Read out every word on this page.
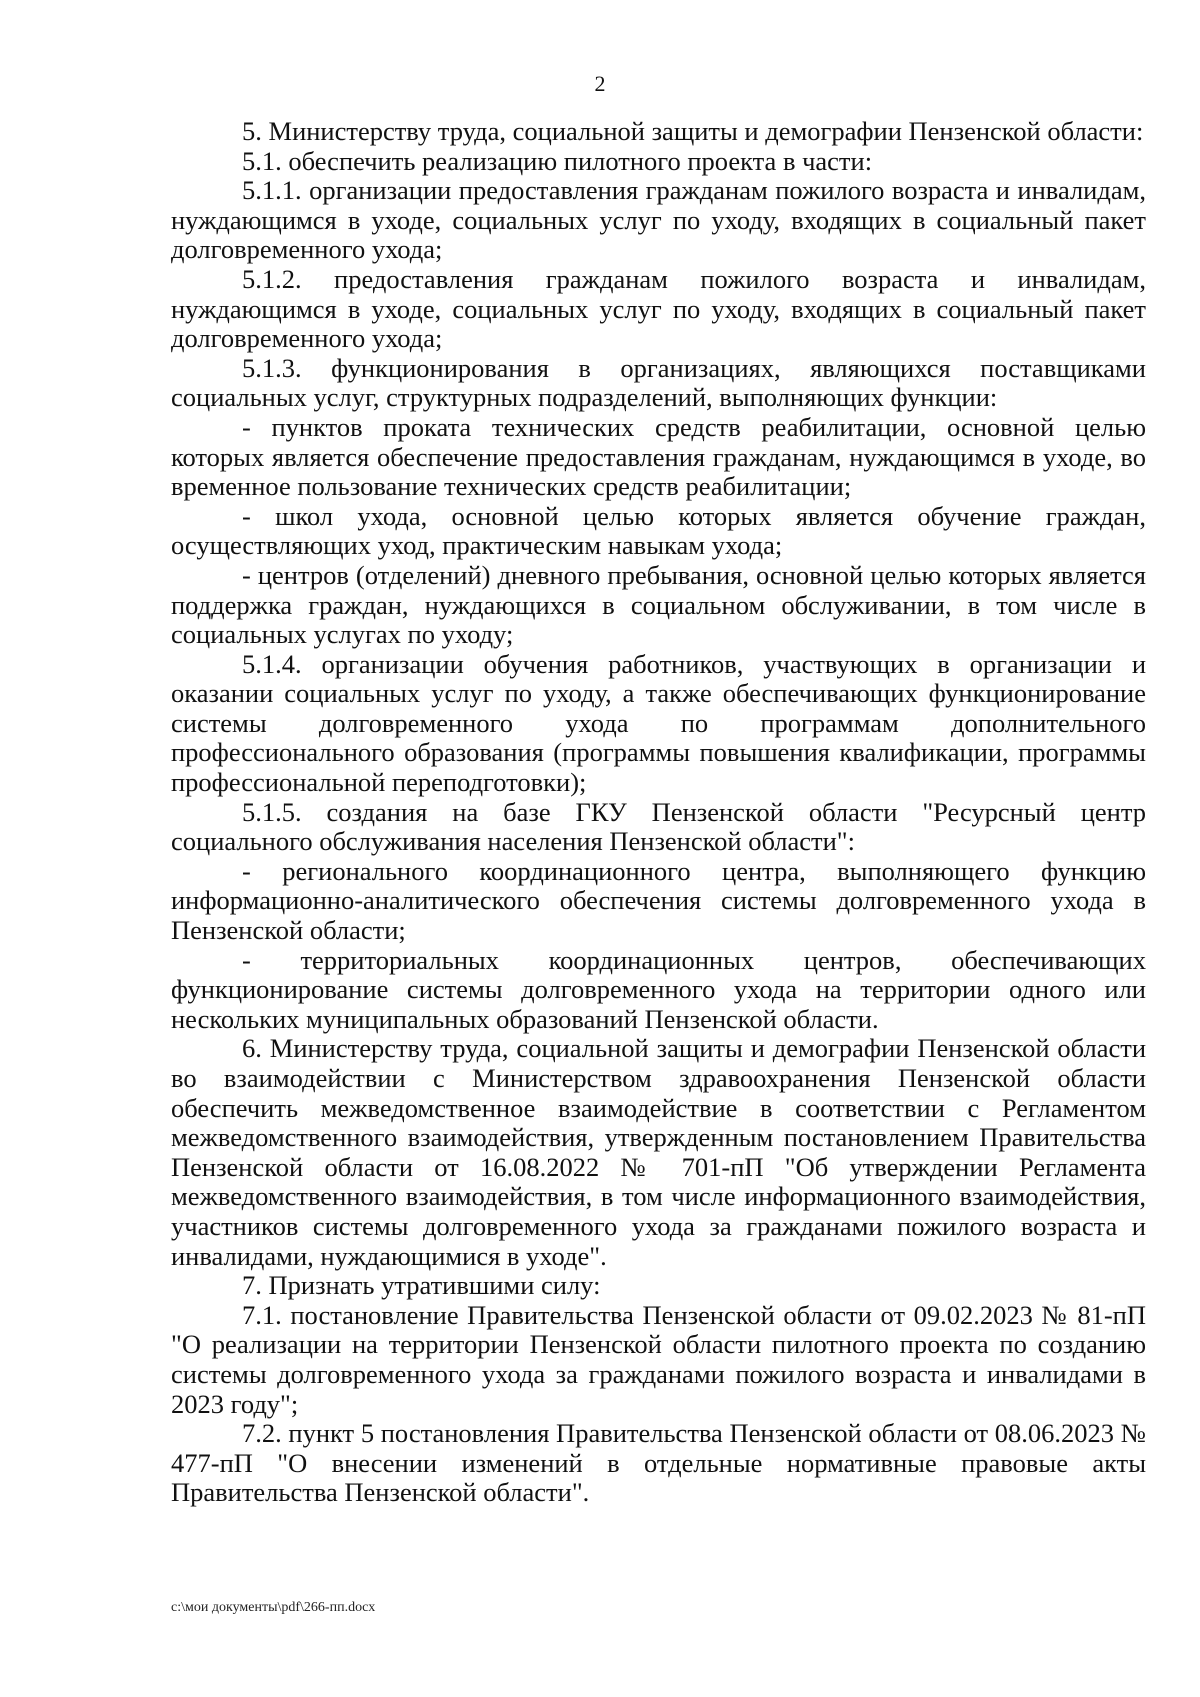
2

5. Министерству труда, социальной защиты и демографии Пензенской области:

5.1. обеспечить реализацию пилотного проекта в части:

5.1.1. организации предоставления гражданам пожилого возраста и инвалидам, нуждающимся в уходе, социальных услуг по уходу, входящих в социальный пакет долговременного ухода;

5.1.2. предоставления гражданам пожилого возраста и инвалидам, нуждающимся в уходе, социальных услуг по уходу, входящих в социальный пакет долговременного ухода;

5.1.3. функционирования в организациях, являющихся поставщиками социальных услуг, структурных подразделений, выполняющих функции:

- пунктов проката технических средств реабилитации, основной целью которых является обеспечение предоставления гражданам, нуждающимся в уходе, во временное пользование технических средств реабилитации;

- школ ухода, основной целью которых является обучение граждан, осуществляющих уход, практическим навыкам ухода;

- центров (отделений) дневного пребывания, основной целью которых является поддержка граждан, нуждающихся в социальном обслуживании, в том числе в социальных услугах по уходу;

5.1.4. организации обучения работников, участвующих в организации и оказании социальных услуг по уходу, а также обеспечивающих функционирование системы долговременного ухода по программам дополнительного профессионального образования (программы повышения квалификации, программы профессиональной переподготовки);

5.1.5. создания на базе ГКУ Пензенской области "Ресурсный центр социального обслуживания населения Пензенской области":

- регионального координационного центра, выполняющего функцию информационно-аналитического обеспечения системы долговременного ухода в Пензенской области;

- территориальных координационных центров, обеспечивающих функционирование системы долговременного ухода на территории одного или нескольких муниципальных образований Пензенской области.

6. Министерству труда, социальной защиты и демографии Пензенской области во взаимодействии с Министерством здравоохранения Пензенской области обеспечить межведомственное взаимодействие в соответствии с Регламентом межведомственного взаимодействия, утвержденным постановлением Правительства Пензенской области от 16.08.2022 № 701-пП "Об утверждении Регламента межведомственного взаимодействия, в том числе информационного взаимодействия, участников системы долговременного ухода за гражданами пожилого возраста и инвалидами, нуждающимися в уходе".

7. Признать утратившими силу:

7.1. постановление Правительства Пензенской области от 09.02.2023 № 81-пП "О реализации на территории Пензенской области пилотного проекта по созданию системы долговременного ухода за гражданами пожилого возраста и инвалидами в 2023 году";

7.2. пункт 5 постановления Правительства Пензенской области от 08.06.2023 № 477-пП "О внесении изменений в отдельные нормативные правовые акты Правительства Пензенской области".

c:\мои документы\pdf\266-пп.docx
